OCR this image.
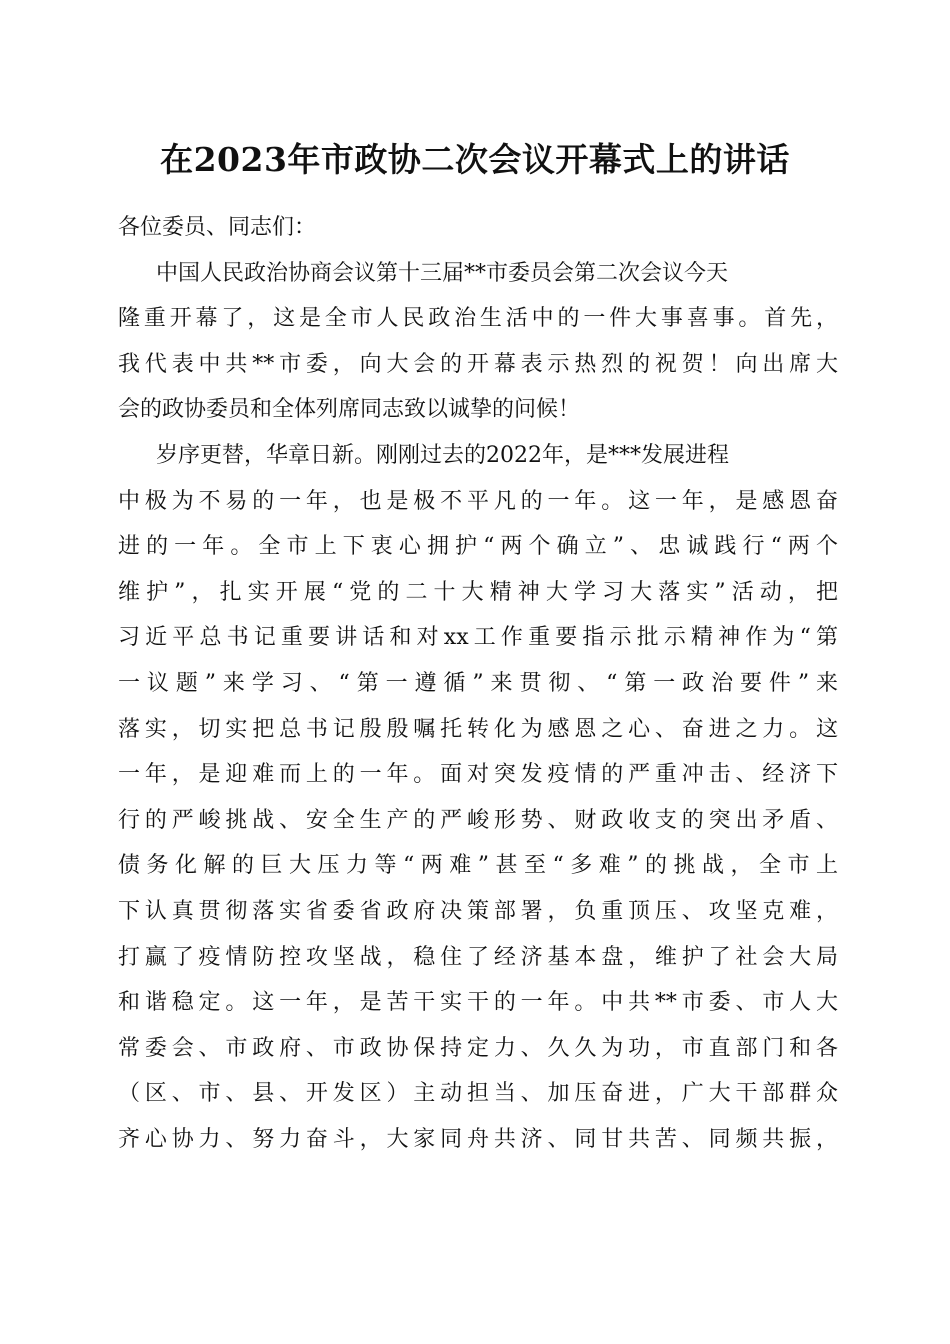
在2023年市政协二次会议开幕式上的讲话
各位委员、同志们：
中国人民政治协商会议第十三届**市委员会第二次会议今天
隆重开幕了，这是全市人民政治生活中的一件大事喜事。首先，
我代表中共**市委，向大会的开幕表示热烈的祝贺！向出席大
会的政协委员和全体列席同志致以诚挚的问候！
岁序更替，华章日新。刚刚过去的2022年，是***发展进程
中极为不易的一年，也是极不平凡的一年。这一年，是感恩奋
进的一年。全市上下衷心拥护“两个确立”、忠诚践行“两个
维护”，扎实开展“党的二十大精神大学习大落实”活动，把
习近平总书记重要讲话和对xx工作重要指示批示精神作为“第
一议题”来学习、“第一遵循”来贯彻、“第一政治要件”来
落实，切实把总书记殷殷嘱托转化为感恩之心、奋进之力。这
一年，是迎难而上的一年。面对突发疫情的严重冲击、经济下
行的严峻挑战、安全生产的严峻形势、财政收支的突出矛盾、
债务化解的巨大压力等“两难”甚至“多难”的挑战，全市上
下认真贯彻落实省委省政府决策部署，负重顶压、攻坚克难，
打赢了疫情防控攻坚战，稳住了经济基本盘，维护了社会大局
和谐稳定。这一年，是苦干实干的一年。中共**市委、市人大
常委会、市政府、市政协保持定力、久久为功，市直部门和各
（区、市、县、开发区）主动担当、加压奋进，广大干部群众
齐心协力、努力奋斗，大家同舟共济、同甘共苦、同频共振，
